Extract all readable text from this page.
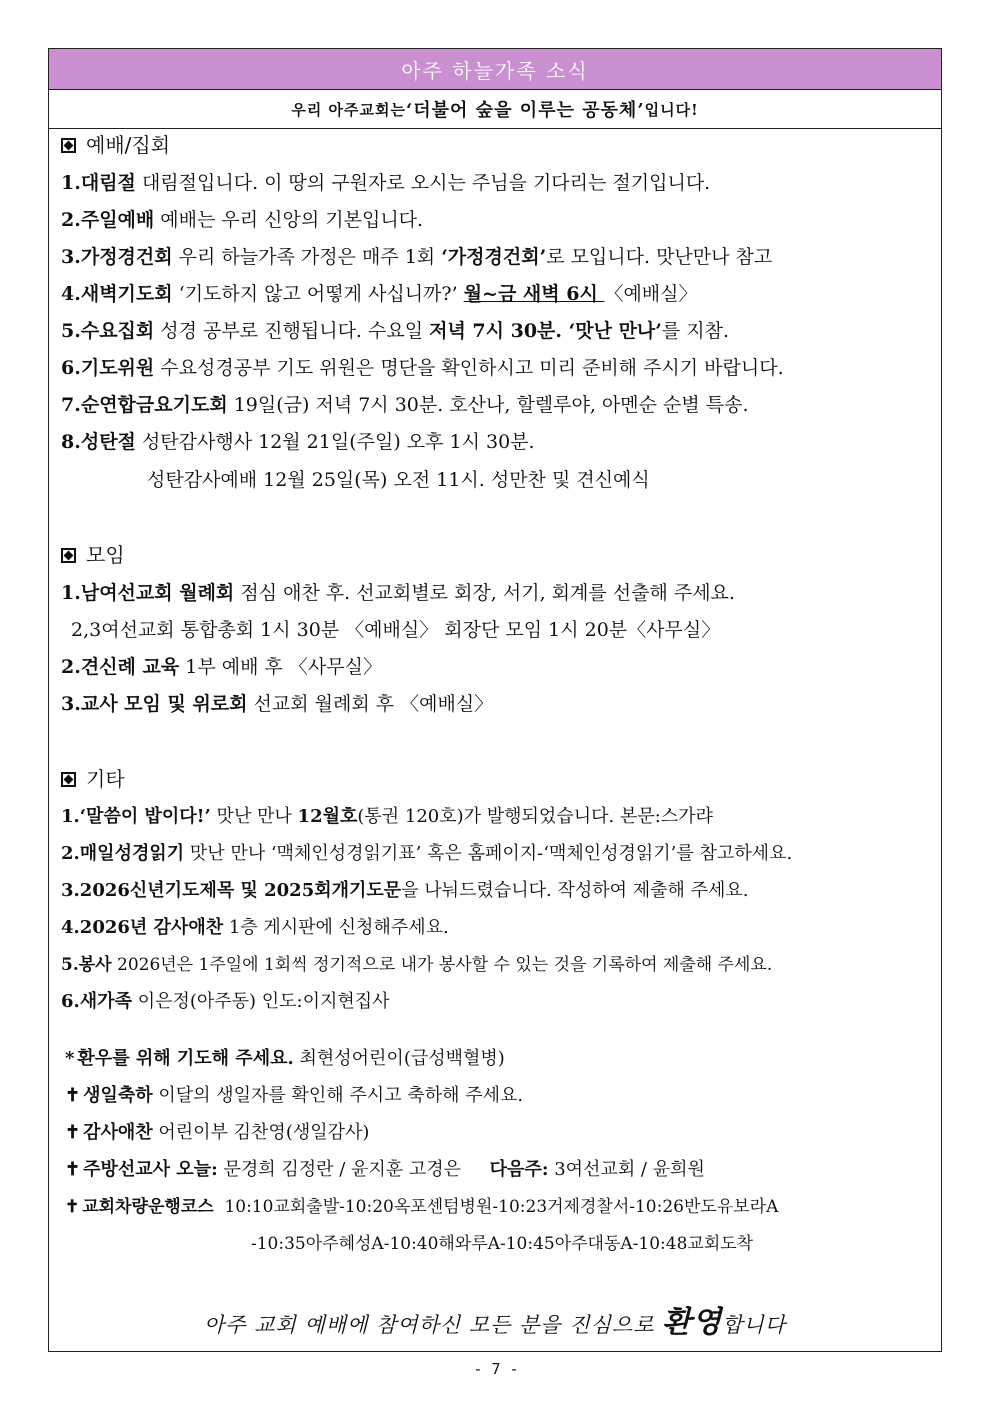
아주 하늘가족 소식
우리 아주교회는 ‘더불어 숲을 이루는 공동체’ 입니다!
예배/집회
1.대림절 대림절입니다. 이 땅의 구원자로 오시는 주님을 기다리는 절기입니다.
2.주일예배 예배는 우리 신앙의 기본입니다.
3.가정경건회 우리 하늘가족 가정은 매주 1회 ‘가정경건회’로 모입니다. 맛난만나 참고
4.새벽기도회 ‘기도하지 않고 어떻게 사십니까?’ 월~금 새벽 6시 〈예배실〉
5.수요집회 성경 공부로 진행됩니다. 수요일 저녁 7시 30분. ‘맛난 만나’를 지참.
6.기도위원 수요성경공부 기도 위원은 명단을 확인하시고 미리 준비해 주시기 바랍니다.
7.순연합금요기도회 19일(금) 저녁 7시 30분. 호산나, 할렐루야, 아멘순 순별 특송.
8.성탄절 성탄감사행사 12월 21일(주일) 오후 1시 30분.
성탄감사예배 12월 25일(목) 오전 11시. 성만찬 및 견신예식
모임
1.남여선교회 월례회 점심 애찬 후. 선교회별로 회장, 서기, 회계를 선출해 주세요.
2,3여선교회 통합총회 1시 30분 〈예배실〉 회장단 모임 1시 20분〈사무실〉
2.견신례 교육 1부 예배 후 〈사무실〉
3.교사 모임 및 위로회 선교회 월례회 후 〈예배실〉
기타
1.‘말씀이 밥이다!’ 맛난 만나 12월호(통권 120호)가 발행되었습니다. 본문:스가랴
2.매일성경읽기 맛난 만나 ‘맥체인성경읽기표’ 혹은 홈페이지-‘맥체인성경읽기’를 참고하세요.
3.2026신년기도제목 및 2025회개기도문을 나눠드렸습니다. 작성하여 제출해 주세요.
4.2026년 감사애찬 1층 게시판에 신청해주세요.
5.봉사 2026년은 1주일에 1회씩 정기적으로 내가 봉사할 수 있는 것을 기록하여 제출해 주세요.
6.새가족 이은정(아주동) 인도:이지현집사
* 환우를 위해 기도해 주세요. 최현성어린이(급성백혈병)
✝ 생일축하 이달의 생일자를 확인해 주시고 축하해 주세요.
✝ 감사애찬 어린이부 김찬영(생일감사)
✝ 주방선교사 오늘: 문경희 김정란 / 윤지훈 고경은     다음주: 3여선교회 / 윤희원
✝ 교회차량운행코스  10:10교회출발-10:20옥포센텀병원-10:23거제경찰서-10:26반도유보라A
-10:35아주혜성A-10:40해와루A-10:45아주대동A-10:48교회도착
아주 교회 예배에 참여하신 모든 분을 진심으로 환영합니다
- 7 -
